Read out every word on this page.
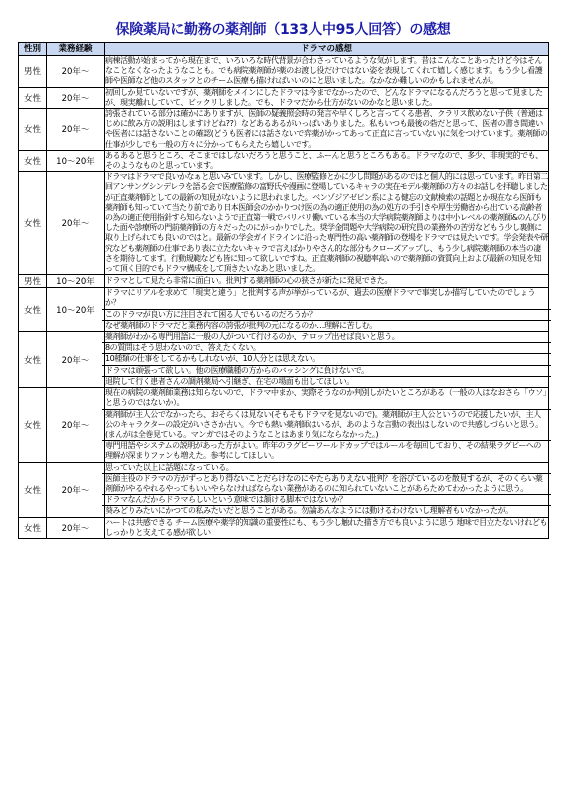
保険薬局に勤務の薬剤師（133人中95人回答）の感想
性別	業務経験	ドラマの感想
男性	20年～	病棟活動が始まってから現在まで、いろいろな時代背景が合わさっているような気がします。昔はこんなことあったけど今はそんなことなくなったようなことも。でも病院薬剤師が薬のお渡し役だけではない姿を表現してくれて嬉しく感じます。もう少し看護師や医師など他のスタッフとのチーム医療も描ければいいのにと思いました。なかなか難しいのかもしれませんが。

女性	20年～	初回しか見ていないですが、薬剤師をメインにしたドラマは今までなかったので、どんなドラマになるんだろうと思って見ましたが、現実離れしていて、ビックリしました。でも、ドラマだから仕方がないのかなと思いました。

女性	20年～	誇張されている部分は確かにありますが、医師の疑義照会時の発言や早くしろと言ってくる患者、クラリス飲めない子供（普通はじめに飲み方の説明はしますけどね??）などあるあるがいっぱいありました。私もいつも最後の砦だと思って、医者の書き間違いや医者には話さないことの確認(どうも医者には話さないで弈薬がかってあって正直に言っていない)に気をつけています。薬剤師の仕事が少しでも一般の方々に分かってもらえたら嬉しいです。

女性	10～20年	あるあると思うところ、そこまではしないだろうと思うこと、ふーんと思うところもある。ドラマなので、多少、非現実的でも、そのようなものと思っています。

女性	20年～	ドラマはドラマで良いかなぁと思いみています。しかし、医療監修とかに少し問題があるのではと個人的には思っています。昨日第二回アンサングシンデレラを語る会で医療監修の富野氏や漫画に登場しているキャラの実在モデル薬剤師の方々のお話しを拝聴しましたが正直薬剤師としての最新の知見がないように思われました。ベンゾジアゼピン系による健忘の文献検索の話題とか現在なら医師も薬剤師も知っていて当たり前であり日本医師会のかかりつけ医の為の適正使用の為の処方の手引きや厚生労働省から出ている高齢者の為の適正使用指針すら知らないようで正直第一戦でバリバリ働いている本当の大学病院薬剤師よりは中小レベルの薬剤師&のんびりした面や診療所の門前薬剤師の方々だったのにがっかりでした。奨学金問題や大学病院の研究員の業務外の苦労などもう少し裏側に取り上げられても良いのではと。最新の学会ガイドラインに沿った専門性の高い薬剤師の登場をドラマでは見たいです。学会発表や研究なども薬剤師の仕事であり表に立たないキャラで言えばかりやさん的な部分もクローズアップし、もう少し病院薬剤師の本当の凄さを期待してます。行動規範なども皆に知って欲しいですね。正直薬剤師の視聴率高いので薬剤師の資質向上および最新の知見を知って頂く目的でもドラマ構成をして頂きたいなあと思いました。

男性	10～20年	ドラマとして見たら非常に面白い。批判する薬剤師の心の狭さが新たに発見できた。

女性	10～20年	ドラマにリアルを求めて「現実と違う」と批判する声が挙がっているが、過去の医療ドラマで事実しか描写していたのでしょうか？
このドラマが良い方に注目されて困る人でもいるのだろうか？
なぜ薬剤師のドラマだと業務内容の誇張が批判の元になるのか…理解に苦しむ。

女性	20年～	薬剤師がわかる専門用語に一般の人がついて行けるのか、テロップ出せば良いと思う。
8の質問はそう思わないので、答えたくない。
10種類の仕事をしてるかもしれないが、10人分とは思えない。
ドラマは頑張って欲しい。他の医療職種の方からのバッシングに負けないで。
退院して行く患者さんの調剤薬局へ引継ぎ、在宅の場面も出してほしい。

女性	20年～	現在の病院の薬剤師業務は知らないので、ドラマ中まか、実際そうなのか判別しがたいところがある（一般の人はなおさら「ウソ」と思うのではないか）。
薬剤師が主人公でなかったら、おそらくは見ない(そもそもドラマを見ないので)。薬剤師が主人公というので応援したいが、主人公のキャラクターの設定がいささか古い。今でも熱い薬剤師はいるが、あのような言動の表出はしないので共感しづらいと思う。(まんがは全巻見ている。マンガではそのようなことはあまり気にならなかった。)
専門用語やシステムの説明があった方がよい。昨年のラグビーワールドカップではルールを毎回しており、その結果ラグビーへの理解が深まりファンも増えた。参考にしてほしい。

女性	20年～	思っていた以上に話題になっている。
医師主役のドラマの方がずっとあり得ないことだらけなのにやたらありえない批判？を浴びているのを散見するが、そのくらい薬剤師がやるやれるやってもいいやらなければならない業務があるのに知られていないことがあらためてわかったように思う。
ドラマなんだからドラマらしいという意味では頷ける脚本ではないか？
葵みどりみたいにかつての私みたいだと思うことがある。勿論あんなようには動けるわけないし理解者もいなかったが。

女性	20年～	ハートは共感できる チーム医療や薬学的知識の重要性にも、もう少し触れた描き方でも良いように思う 地味で目立たないけれどもしっかりと支えてる感が欲しい
